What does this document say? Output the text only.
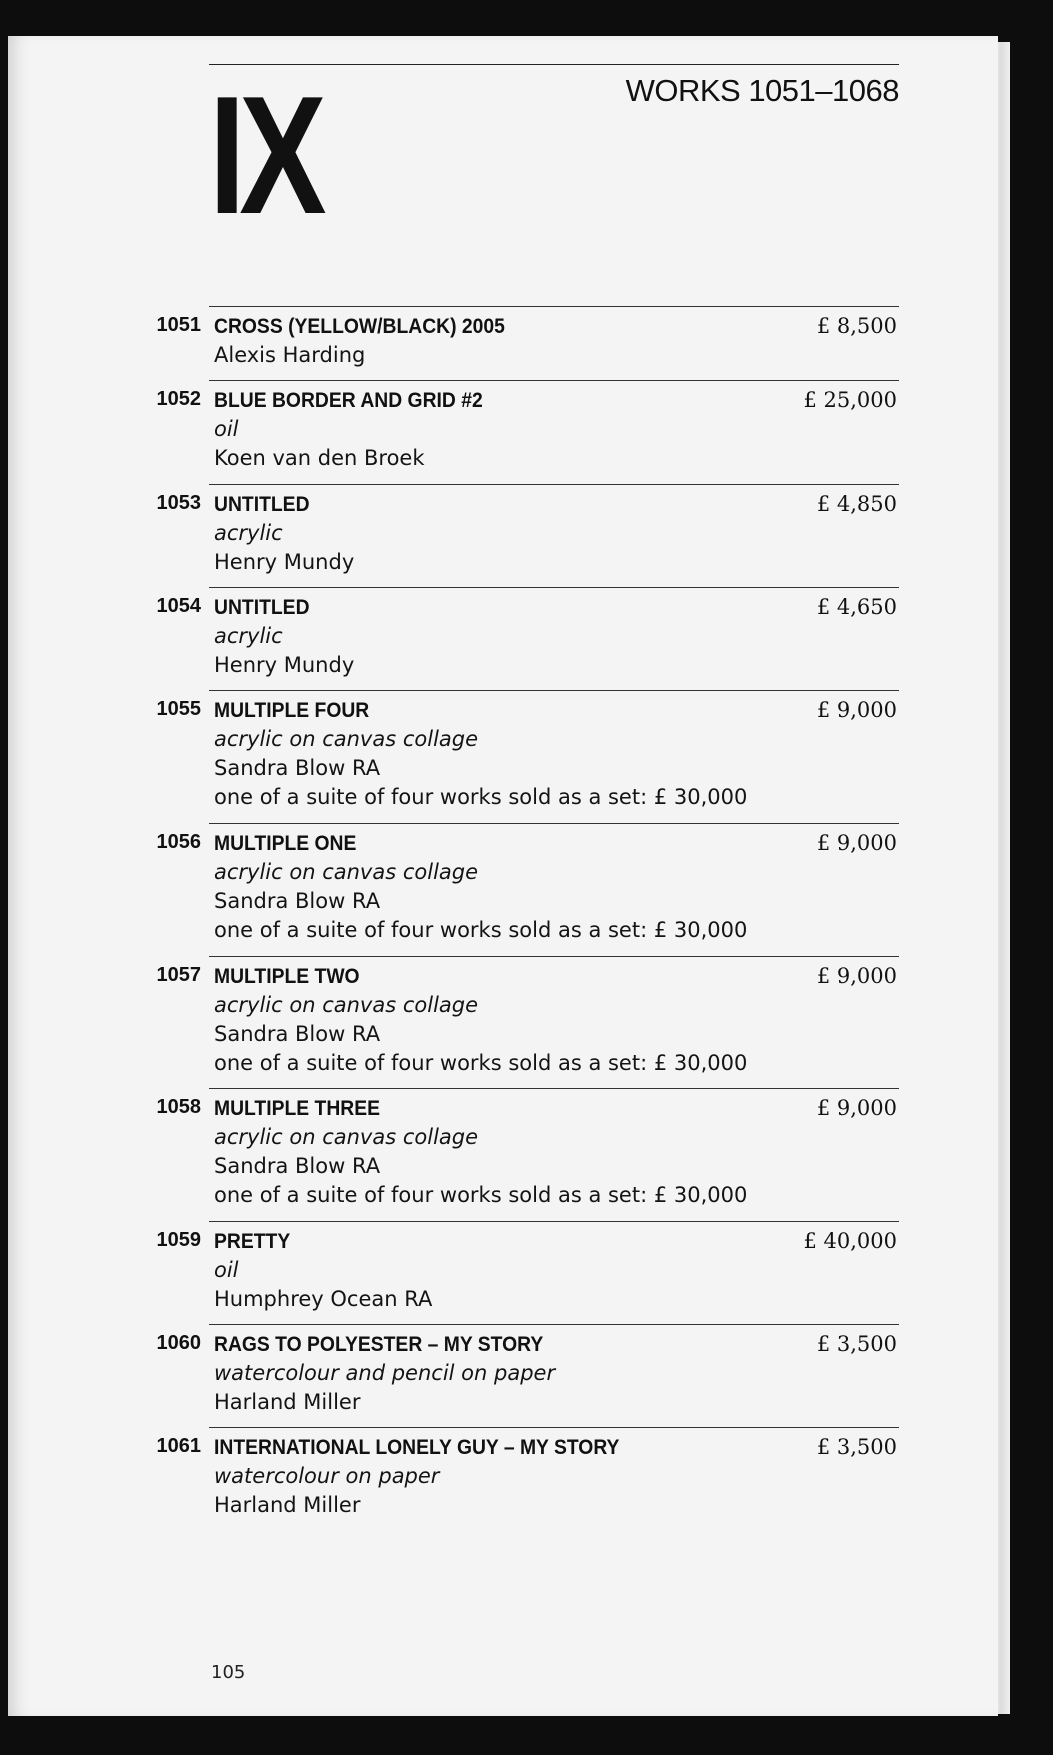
IX	WORKS 1051–1068
1051 CROSS (YELLOW/BLACK) 2005
Alexis Harding
£ 8,500
1052 BLUE BORDER AND GRID #2
oil
Koen van den Broek
£ 25,000
1053 UNTITLED
acrylic
Henry Mundy
£ 4,850
1054 UNTITLED
acrylic
Henry Mundy
£ 4,650
1055 MULTIPLE FOUR
acrylic on canvas collage
Sandra Blow RA
one of a suite of four works sold as a set: £ 30,000
£ 9,000
1056 MULTIPLE ONE
acrylic on canvas collage
Sandra Blow RA
one of a suite of four works sold as a set: £ 30,000
£ 9,000
1057 MULTIPLE TWO
acrylic on canvas collage
Sandra Blow RA
one of a suite of four works sold as a set: £ 30,000
£ 9,000
1058 MULTIPLE THREE
acrylic on canvas collage
Sandra Blow RA
one of a suite of four works sold as a set: £ 30,000
£ 9,000
1059 PRETTY
oil
Humphrey Ocean RA
£ 40,000
1060 RAGS TO POLYESTER – MY STORY
watercolour and pencil on paper
Harland Miller
£ 3,500
1061 INTERNATIONAL LONELY GUY – MY STORY
watercolour on paper
Harland Miller
£ 3,500
105
